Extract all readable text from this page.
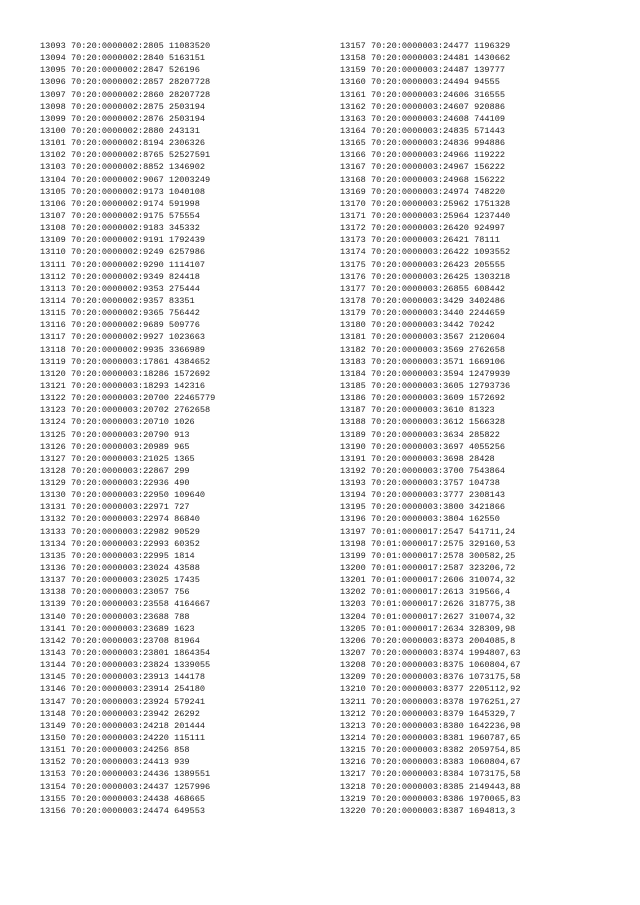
13093 70:20:0000002:2805 11083520
13094 70:20:0000002:2840 5163151
13095 70:20:0000002:2847 526196
13096 70:20:0000002:2857 28207728
13097 70:20:0000002:2860 28207728
13098 70:20:0000002:2875 2503194
13099 70:20:0000002:2876 2503194
13100 70:20:0000002:2880 243131
13101 70:20:0000002:8194 2306326
13102 70:20:0000002:8765 52527591
13103 70:20:0000002:8852 1346902
13104 70:20:0000002:9067 12003249
13105 70:20:0000002:9173 1040108
13106 70:20:0000002:9174 591998
13107 70:20:0000002:9175 575554
13108 70:20:0000002:9183 345332
13109 70:20:0000002:9191 1792439
13110 70:20:0000002:9249 6257986
13111 70:20:0000002:9290 1114107
13112 70:20:0000002:9349 824418
13113 70:20:0000002:9353 275444
13114 70:20:0000002:9357 83351
13115 70:20:0000002:9365 756442
13116 70:20:0000002:9689 509776
13117 70:20:0000002:9927 1023663
13118 70:20:0000002:9935 3366989
13119 70:20:0000003:17861 4384652
13120 70:20:0000003:18286 1572692
13121 70:20:0000003:18293 142316
13122 70:20:0000003:20700 22465779
13123 70:20:0000003:20702 2762658
13124 70:20:0000003:20710 1026
13125 70:20:0000003:20790 913
13126 70:20:0000003:20989 965
13127 70:20:0000003:21025 1365
13128 70:20:0000003:22867 299
13129 70:20:0000003:22936 490
13130 70:20:0000003:22950 109640
13131 70:20:0000003:22971 727
13132 70:20:0000003:22974 86840
13133 70:20:0000003:22982 90529
13134 70:20:0000003:22993 60352
13135 70:20:0000003:22995 1814
13136 70:20:0000003:23024 43588
13137 70:20:0000003:23025 17435
13138 70:20:0000003:23057 756
13139 70:20:0000003:23558 4164667
13140 70:20:0000003:23688 788
13141 70:20:0000003:23689 1623
13142 70:20:0000003:23708 81964
13143 70:20:0000003:23801 1864354
13144 70:20:0000003:23824 1339055
13145 70:20:0000003:23913 144178
13146 70:20:0000003:23914 254180
13147 70:20:0000003:23924 579241
13148 70:20:0000003:23942 26292
13149 70:20:0000003:24218 201444
13150 70:20:0000003:24220 115111
13151 70:20:0000003:24256 858
13152 70:20:0000003:24413 939
13153 70:20:0000003:24436 1389551
13154 70:20:0000003:24437 1257996
13155 70:20:0000003:24438 468665
13156 70:20:0000003:24474 649553
13157 70:20:0000003:24477 1196329
13158 70:20:0000003:24481 1430662
13159 70:20:0000003:24487 139777
13160 70:20:0000003:24494 94555
13161 70:20:0000003:24606 316555
13162 70:20:0000003:24607 920886
13163 70:20:0000003:24608 744109
13164 70:20:0000003:24835 571443
13165 70:20:0000003:24836 994886
13166 70:20:0000003:24966 119222
13167 70:20:0000003:24967 156222
13168 70:20:0000003:24968 156222
13169 70:20:0000003:24974 748220
13170 70:20:0000003:25962 1751328
13171 70:20:0000003:25964 1237440
13172 70:20:0000003:26420 924997
13173 70:20:0000003:26421 78111
13174 70:20:0000003:26422 1093552
13175 70:20:0000003:26423 205555
13176 70:20:0000003:26425 1303218
13177 70:20:0000003:26855 608442
13178 70:20:0000003:3429 3402486
13179 70:20:0000003:3440 2244659
13180 70:20:0000003:3442 70242
13181 70:20:0000003:3567 2120604
13182 70:20:0000003:3569 2762658
13183 70:20:0000003:3571 1669106
13184 70:20:0000003:3594 12479939
13185 70:20:0000003:3605 12793736
13186 70:20:0000003:3609 1572692
13187 70:20:0000003:3610 81323
13188 70:20:0000003:3612 1566328
13189 70:20:0000003:3634 285822
13190 70:20:0000003:3697 4055256
13191 70:20:0000003:3698 28428
13192 70:20:0000003:3700 7543864
13193 70:20:0000003:3757 104738
13194 70:20:0000003:3777 2308143
13195 70:20:0000003:3800 3421866
13196 70:20:0000003:3804 162550
13197 70:01:0000017:2547 541711,24
13198 70:01:0000017:2575 329160,53
13199 70:01:0000017:2578 300582,25
13200 70:01:0000017:2587 323206,72
13201 70:01:0000017:2606 310074,32
13202 70:01:0000017:2613 319566,4
13203 70:01:0000017:2626 318775,38
13204 70:01:0000017:2627 310074,32
13205 70:01:0000017:2634 328309,98
13206 70:20:0000003:8373 2004085,8
13207 70:20:0000003:8374 1994807,63
13208 70:20:0000003:8375 1060804,67
13209 70:20:0000003:8376 1073175,58
13210 70:20:0000003:8377 2205112,92
13211 70:20:0000003:8378 1976251,27
13212 70:20:0000003:8379 1645329,7
13213 70:20:0000003:8380 1642236,98
13214 70:20:0000003:8381 1960787,65
13215 70:20:0000003:8382 2059754,85
13216 70:20:0000003:8383 1060804,67
13217 70:20:0000003:8384 1073175,58
13218 70:20:0000003:8385 2149443,88
13219 70:20:0000003:8386 1970065,83
13220 70:20:0000003:8387 1694813,3
